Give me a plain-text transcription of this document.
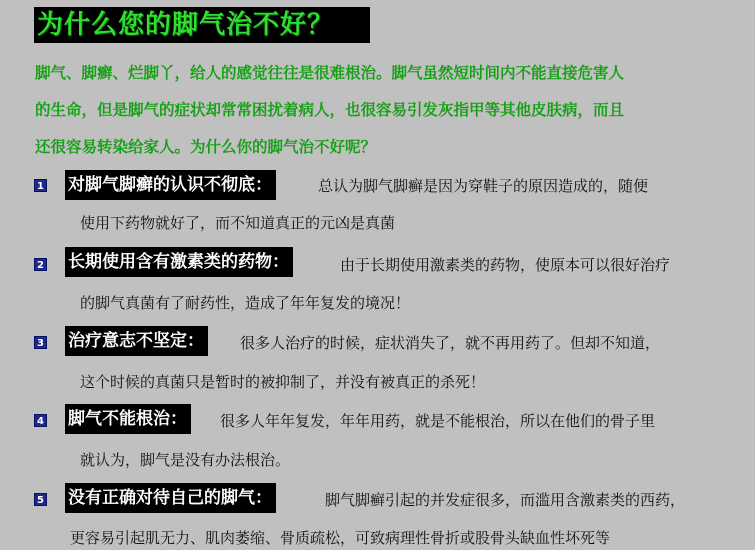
为什么您的脚气治不好？
脚气、脚癣、烂脚丫，给人的感觉往往是很难根治。脚气虽然短时间内不能直接危害人
的生命，但是脚气的症状却常常困扰着病人，也很容易引发灰指甲等其他皮肤病，而且
还很容易转染给家人。为什么你的脚气治不好呢？
1 对脚气脚癣的认识不彻底：	总认为脚气脚癣是因为穿鞋子的原因造成的，随便
使用下药物就好了，而不知道真正的元凶是真菌
2 长期使用含有激素类的药物：	由于长期使用激素类的药物，使原本可以很好治疗
的脚气真菌有了耐药性，造成了年年复发的境况！
3 治疗意志不坚定： 很多人治疗的时候，症状消失了，就不再用药了。但却不知道，
这个时候的真菌只是暂时的被抑制了，并没有被真正的杀死！
4 脚气不能根治： 很多人年年复发，年年用药，就是不能根治，所以在他们的骨子里
就认为，脚气是没有办法根治。
5 没有正确对待自己的脚气：	脚气脚癣引起的并发症很多，而滥用含激素类的西药，
更容易引起肌无力、肌肉萎缩、骨质疏松，可致病理性骨折或股骨头缺血性坏死等
